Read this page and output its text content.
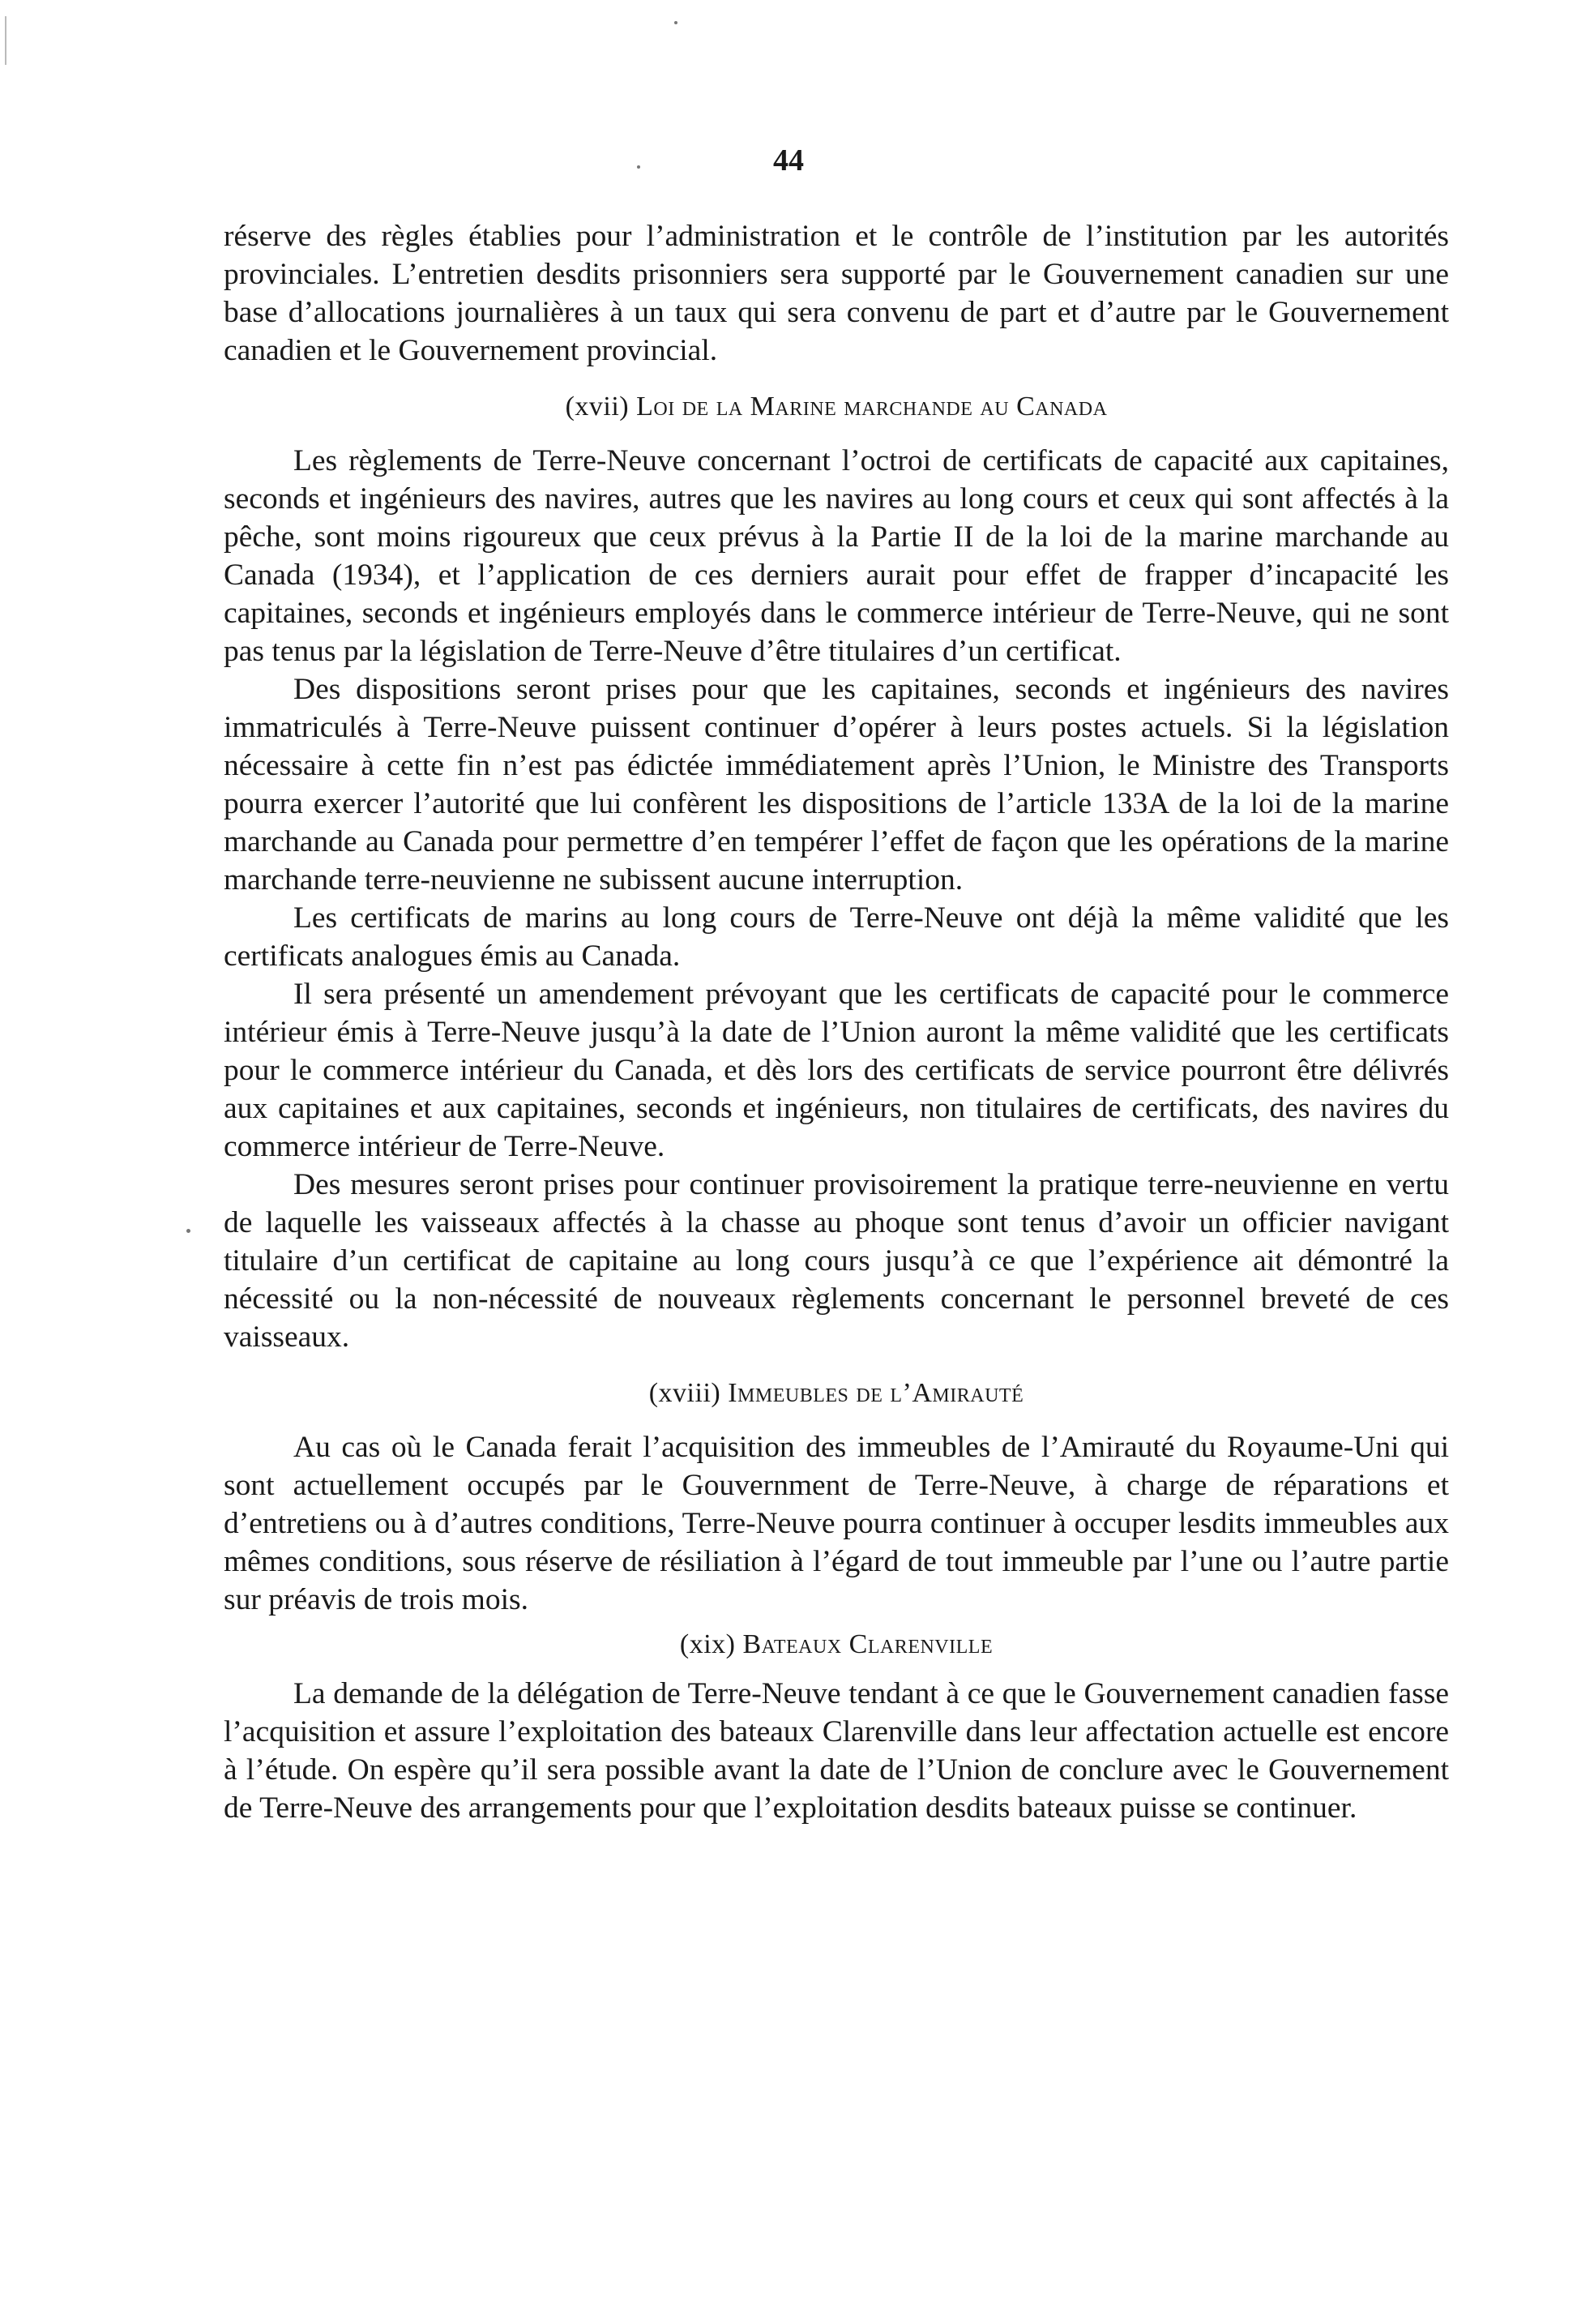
44

réserve des règles établies pour l’administration et le contrôle de l’institution par les autorités provinciales. L’entretien desdits prisonniers sera supporté par le Gouvernement canadien sur une base d’allocations journalières à un taux qui sera convenu de part et d’autre par le Gouvernement canadien et le Gouvernement provincial.

(xvii) Loi de la Marine marchande au Canada

Les règlements de Terre-Neuve concernant l’octroi de certificats de capacité aux capitaines, seconds et ingénieurs des navires, autres que les navires au long cours et ceux qui sont affectés à la pêche, sont moins rigoureux que ceux prévus à la Partie II de la loi de la marine marchande au Canada (1934), et l’application de ces derniers aurait pour effet de frapper d’incapacité les capitaines, seconds et ingénieurs employés dans le commerce intérieur de Terre-Neuve, qui ne sont pas tenus par la législation de Terre-Neuve d’être titulaires d’un certificat.

Des dispositions seront prises pour que les capitaines, seconds et ingénieurs des navires immatriculés à Terre-Neuve puissent continuer d’opérer à leurs postes actuels. Si la législation nécessaire à cette fin n’est pas édictée immédiatement après l’Union, le Ministre des Transports pourra exercer l’autorité que lui confèrent les dispositions de l’article 133A de la loi de la marine marchande au Canada pour permettre d’en tempérer l’effet de façon que les opérations de la marine marchande terre-neuvienne ne subissent aucune interruption.

Les certificats de marins au long cours de Terre-Neuve ont déjà la même validité que les certificats analogues émis au Canada.

Il sera présenté un amendement prévoyant que les certificats de capacité pour le commerce intérieur émis à Terre-Neuve jusqu’à la date de l’Union auront la même validité que les certificats pour le commerce intérieur du Canada, et dès lors des certificats de service pourront être délivrés aux capitaines et aux capitaines, seconds et ingénieurs, non titulaires de certificats, des navires du commerce intérieur de Terre-Neuve.

Des mesures seront prises pour continuer provisoirement la pratique terre-neuvienne en vertu de laquelle les vaisseaux affectés à la chasse au phoque sont tenus d’avoir un officier navigant titulaire d’un certificat de capitaine au long cours jusqu’à ce que l’expérience ait démontré la nécessité ou la non-nécessité de nouveaux règlements concernant le personnel breveté de ces vaisseaux.

(xviii) Immeubles de l’Amirauté

Au cas où le Canada ferait l’acquisition des immeubles de l’Amirauté du Royaume-Uni qui sont actuellement occupés par le Gouvernment de Terre-Neuve, à charge de réparations et d’entretiens ou à d’autres conditions, Terre-Neuve pourra continuer à occuper lesdits immeubles aux mêmes conditions, sous réserve de résiliation à l’égard de tout immeuble par l’une ou l’autre partie sur préavis de trois mois.

(xix) Bateaux Clarenville

La demande de la délégation de Terre-Neuve tendant à ce que le Gouvernement canadien fasse l’acquisition et assure l’exploitation des bateaux Clarenville dans leur affectation actuelle est encore à l’étude. On espère qu’il sera possible avant la date de l’Union de conclure avec le Gouvernement de Terre-Neuve des arrangements pour que l’exploitation desdits bateaux puisse se continuer.
